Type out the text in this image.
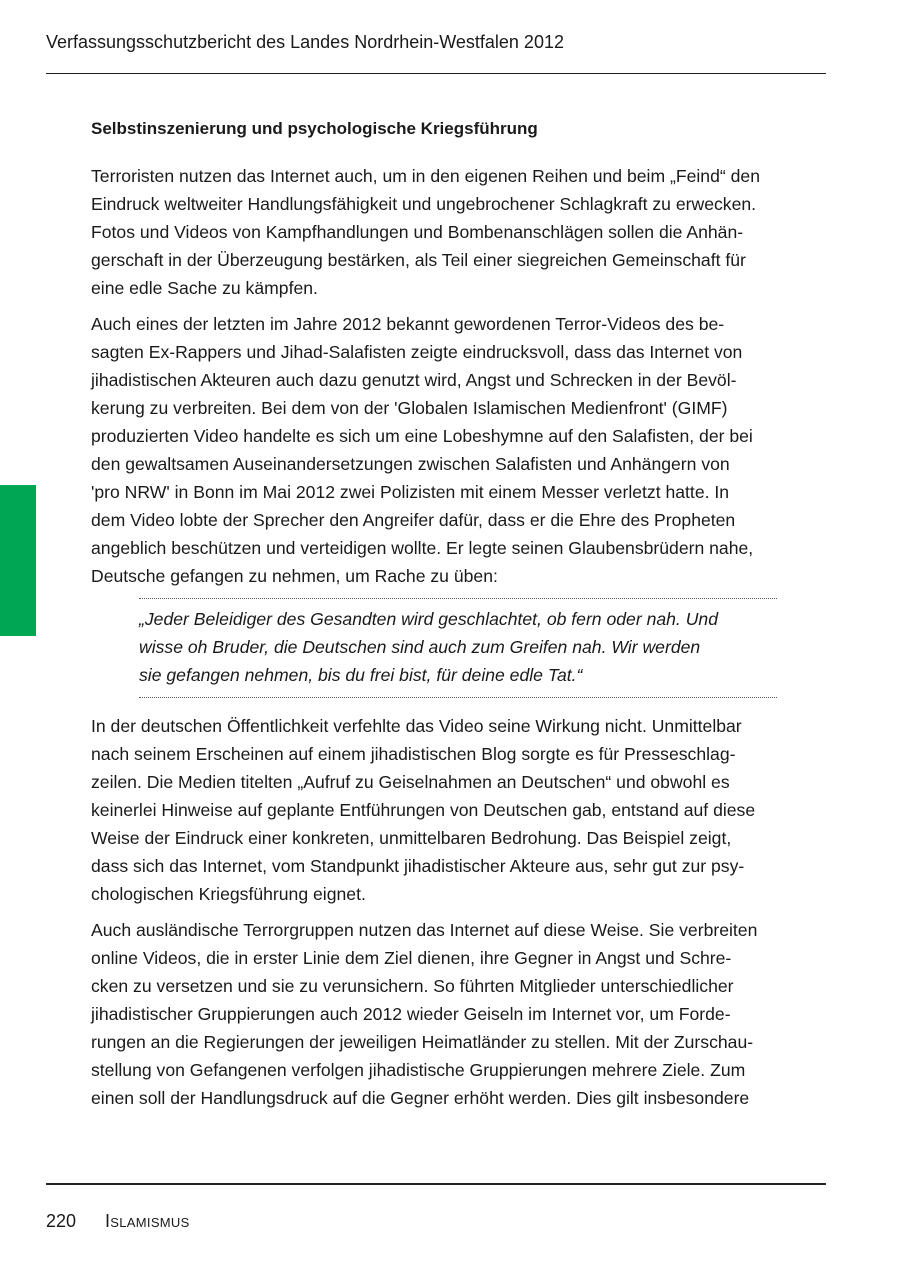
Verfassungsschutzbericht des Landes Nordrhein-Westfalen 2012
Selbstinszenierung und psychologische Kriegsführung

Terroristen nutzen das Internet auch, um in den eigenen Reihen und beim „Feind“ den
Eindruck weltweiter Handlungsfähigkeit und ungebrochener Schlagkraft zu erwecken.
Fotos und Videos von Kampfhandlungen und Bombenanschlägen sollen die Anhän-
gerschaft in der Überzeugung bestärken, als Teil einer siegreichen Gemeinschaft für
eine edle Sache zu kämpfen.

Auch eines der letzten im Jahre 2012 bekannt gewordenen Terror-Videos des be-
sagten Ex-Rappers und Jihad-Salafisten zeigte eindrucksvoll, dass das Internet von
jihadistischen Akteuren auch dazu genutzt wird, Angst und Schrecken in der Bevöl-
kerung zu verbreiten. Bei dem von der 'Globalen Islamischen Medienfront' (GIMF)
produzierten Video handelte es sich um eine Lobeshymne auf den Salafisten, der bei
den gewaltsamen Auseinandersetzungen zwischen Salafisten und Anhängern von
'pro NRW' in Bonn im Mai 2012 zwei Polizisten mit einem Messer verletzt hatte. In
dem Video lobte der Sprecher den Angreifer dafür, dass er die Ehre des Propheten
angeblich beschützen und verteidigen wollte. Er legte seinen Glaubensbrüdern nahe,
Deutsche gefangen zu nehmen, um Rache zu üben:

„Jeder Beleidiger des Gesandten wird geschlachtet, ob fern oder nah. Und
wisse oh Bruder, die Deutschen sind auch zum Greifen nah. Wir werden
sie gefangen nehmen, bis du frei bist, für deine edle Tat.“

In der deutschen Öffentlichkeit verfehlte das Video seine Wirkung nicht. Unmittelbar
nach seinem Erscheinen auf einem jihadistischen Blog sorgte es für Presseschlag-
zeilen. Die Medien titelten „Aufruf zu Geiselnahmen an Deutschen“ und obwohl es
keinerlei Hinweise auf geplante Entführungen von Deutschen gab, entstand auf diese
Weise der Eindruck einer konkreten, unmittelbaren Bedrohung. Das Beispiel zeigt,
dass sich das Internet, vom Standpunkt jihadistischer Akteure aus, sehr gut zur psy-
chologischen Kriegsführung eignet.

Auch ausländische Terrorgruppen nutzen das Internet auf diese Weise. Sie verbreiten
online Videos, die in erster Linie dem Ziel dienen, ihre Gegner in Angst und Schre-
cken zu versetzen und sie zu verunsichern. So führten Mitglieder unterschiedlicher
jihadistischer Gruppierungen auch 2012 wieder Geiseln im Internet vor, um Forde-
rungen an die Regierungen der jeweiligen Heimatländer zu stellen. Mit der Zurschau-
stellung von Gefangenen verfolgen jihadistische Gruppierungen mehrere Ziele. Zum
einen soll der Handlungsdruck auf die Gegner erhöht werden. Dies gilt insbesondere

220 Islamismus
